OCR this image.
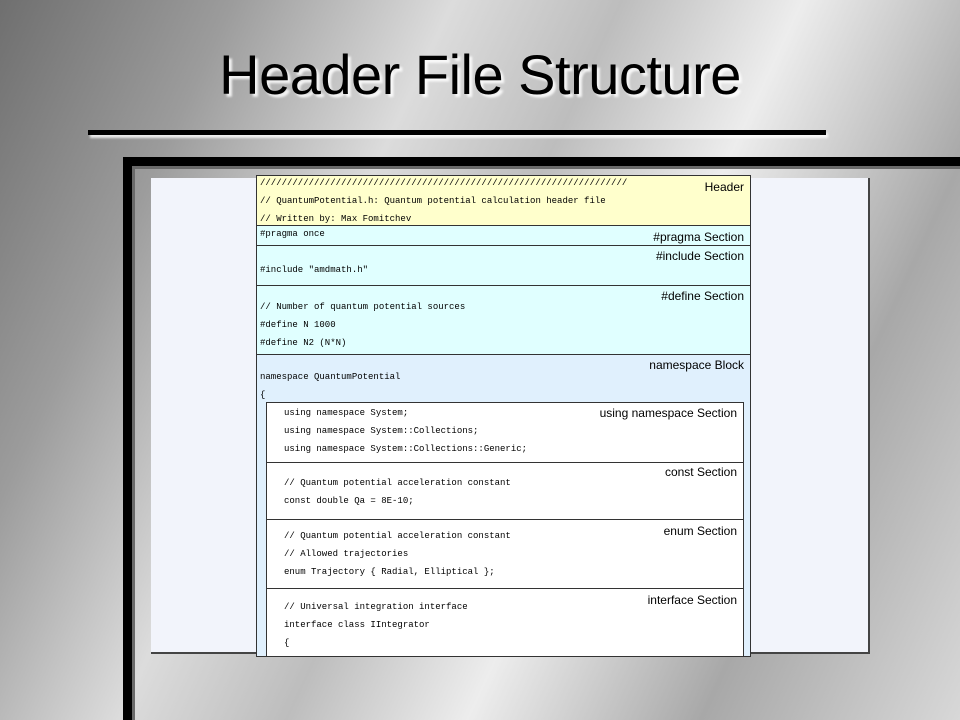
Header File Structure
////////////////////////////////////////////////////////////////////
// QuantumPotential.h: Quantum potential calculation header file
// Written by: Max Fomitchev
Header
#pragma once	#pragma Section
#include "amdmath.h"
#include Section
// Number of quantum potential sources
#define N 1000
#define N2 (N*N)
#define Section
namespace QuantumPotential
{
namespace Block
using namespace System;
using namespace System::Collections;
using namespace System::Collections::Generic;
using namespace Section
// Quantum potential acceleration constant
const double Qa = 8E-10;
const Section
// Quantum potential acceleration constant
// Allowed trajectories
enum Trajectory { Radial, Elliptical };
enum Section
// Universal integration interface
interface class IIntegrator
{
interface Section
